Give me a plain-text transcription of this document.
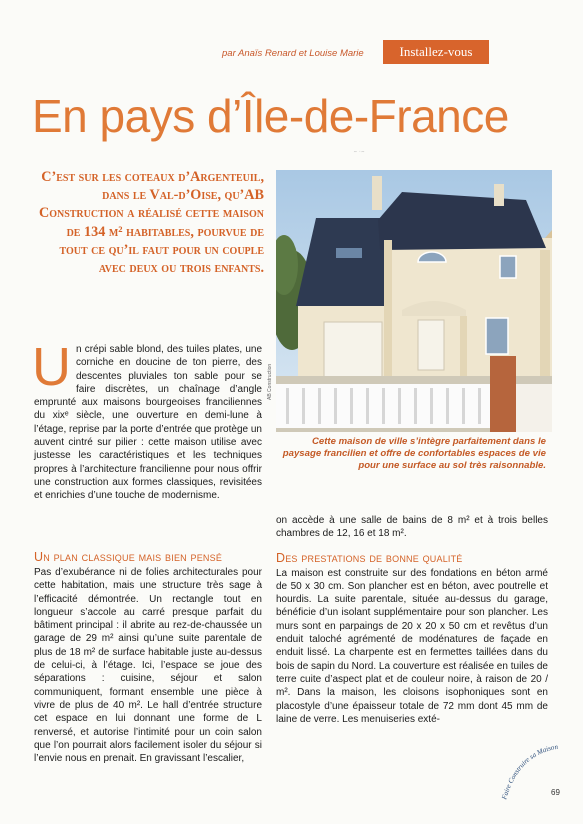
par Anaïs Renard et Louise Marie	Installez-vous
En pays d’Île-de-France
˜ ˙˜
C’est sur les coteaux d’Argenteuil, dans le Val-d’Oise, qu’AB Construction a réalisé cette maison de 134 m² habitables, pourvue de tout ce qu’il faut pour un couple avec deux ou trois enfants.
Un crépi sable blond, des tuiles plates, une corniche en doucine de ton pierre, des descentes pluviales ton sable pour se faire discrètes, un chaînage d’angle emprunté aux maisons bourgeoises franciliennes du xixᵉ siècle, une ouverture en demi-lune à l’étage, reprise par la porte d’entrée que protège un auvent cintré sur pilier : cette maison utilise avec justesse les caractéristiques et les techniques propres à l’architecture francilienne pour nous offrir une construction aux formes classiques, revisitées et enrichies d’une touche de modernisme.
Un plan classique mais bien pensé
Pas d’exubérance ni de folies architecturales pour cette habitation, mais une structure très sage à l’efficacité démontrée. Un rectangle tout en longueur s’accole au carré presque parfait du bâtiment principal : il abrite au rez-de-chaussée un garage de 29 m² ainsi qu’une suite parentale de plus de 18 m² de surface habitable juste au-dessus de celui-ci, à l’étage. Ici, l’espace se joue des séparations : cuisine, séjour et salon communiquent, formant ensemble une pièce à vivre de plus de 40 m². Le hall d’entrée structure cet espace en lui donnant une forme de L renversé, et autorise l’intimité pour un coin salon que l’on pourrait alors facilement isoler du séjour si l’envie nous en prenait. En gravissant l’escalier,
AB Construction
Cette maison de ville s’intègre parfaitement dans le paysage francilien et offre de confortables espaces de vie pour une surface au sol très raisonnable.
on accède à une salle de bains de 8 m² et à trois belles chambres de 12, 16 et 18 m².
Des prestations de bonne qualité
La maison est construite sur des fondations en béton armé de 50 x 30 cm. Son plancher est en béton, avec poutrelle et hourdis. La suite parentale, située au-dessus du garage, bénéficie d’un isolant supplémentaire pour son plancher. Les murs sont en parpaings de 20 x 20 x 50 cm et revêtus d’un enduit taloché agrémenté de modénatures de façade en enduit lissé. La charpente est en fermettes taillées dans du bois de sapin du Nord. La couverture est réalisée en tuiles de terre cuite d’aspect plat et de couleur noire, à raison de 20 / m². Dans la maison, les cloisons isophoniques sont en placostyle d’une épaisseur totale de 72 mm dont 45 mm de laine de verre. Les menuiseries exté-
Faire Construire sa Maison
69
